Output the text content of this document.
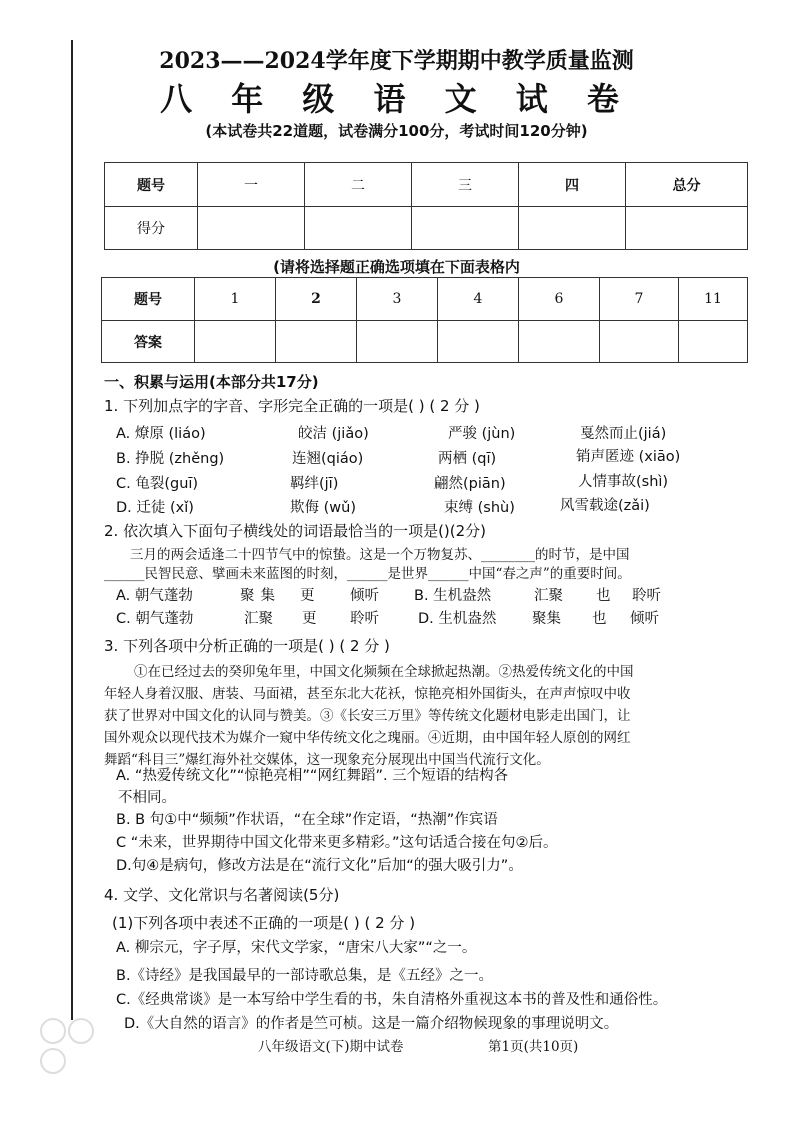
2023——2024学年度下学期期中教学质量监测
八 年 级 语 文 试 卷
(本试卷共22道题，试卷满分100分，考试时间120分钟)
题号	一	二	三	四	总分
得分					
(请将选择题正确选项填在下面表格内
题号	1	2	3	4	6	7	11
答案							
一、积累与运用(本部分共17分)
1. 下列加点字的字音、字形完全正确的一项是( ) ( 2 分 )
A. 燎原 (liáo)	皎洁 (jiǎo)	严骏 (jùn)	戛然而止(jiá)
B. 挣脱 (zhěng)	连翘(qiáo)	两栖 (qī)	销声匿迹 (xiāo)
C. 龟裂(guī)	羁绊(jī)	翩然(piān)	人情事故(shì)
D. 迁徒 (xǐ)	欺侮 (wǔ)	束缚 (shù)	风雪载途(zǎi)
2. 依次填入下面句子横线处的词语最恰当的一项是()(2分)
三月的两会适逢二十四节气中的惊蛰。这是一个万物复苏、________的时节，是中国
______民智民意、擘画未来蓝图的时刻，______是世界______中国“春之声”的重要时间。
A. 朝气蓬勃	聚集 更 倾听 B. 生机盎然	汇聚 也 聆听
C. 朝气蓬勃	汇聚 更 聆听	D. 生机盎然 聚集 也 倾听
3. 下列各项中分析正确的一项是( ) ( 2 分 )
①在已经过去的癸卯兔年里，中国文化频频在全球掀起热潮。②热爱传统文化的中国
年轻人身着汉服、唐装、马面裙，甚至东北大花袄，惊艳亮相外国街头，在声声惊叹中收
获了世界对中国文化的认同与赞美。③《长安三万里》等传统文化题材电影走出国门，让
国外观众以现代技术为媒介一窥中华传统文化之瑰丽。④近期，由中国年轻人原创的网红
舞蹈“科目三”爆红海外社交媒体，这一现象充分展现出中国当代流行文化。
A. “热爱传统文化”“惊艳亮相”“网红舞蹈”. 三个短语的结构各
不相同。
B. B 句①中“频频”作状语，“在全球”作定语，“热潮”作宾语
C “未来，世界期待中国文化带来更多精彩。”这句话适合接在句②后。
D.句④是病句，修改方法是在“流行文化”后加“的强大吸引力”。
4. 文学、文化常识与名著阅读(5分)
(1)下列各项中表述不正确的一项是( ) ( 2 分 )
A. 柳宗元，字子厚，宋代文学家，“唐宋八大家”“之一。
B.《诗经》是我国最早的一部诗歌总集，是《五经》之一。
C.《经典常谈》是一本写给中学生看的书，朱自清格外重视这本书的普及性和通俗性。
D.《大自然的语言》的作者是竺可桢。这是一篇介绍物候现象的事理说明文。
八年级语文(下)期中试卷	第1页(共10页)
